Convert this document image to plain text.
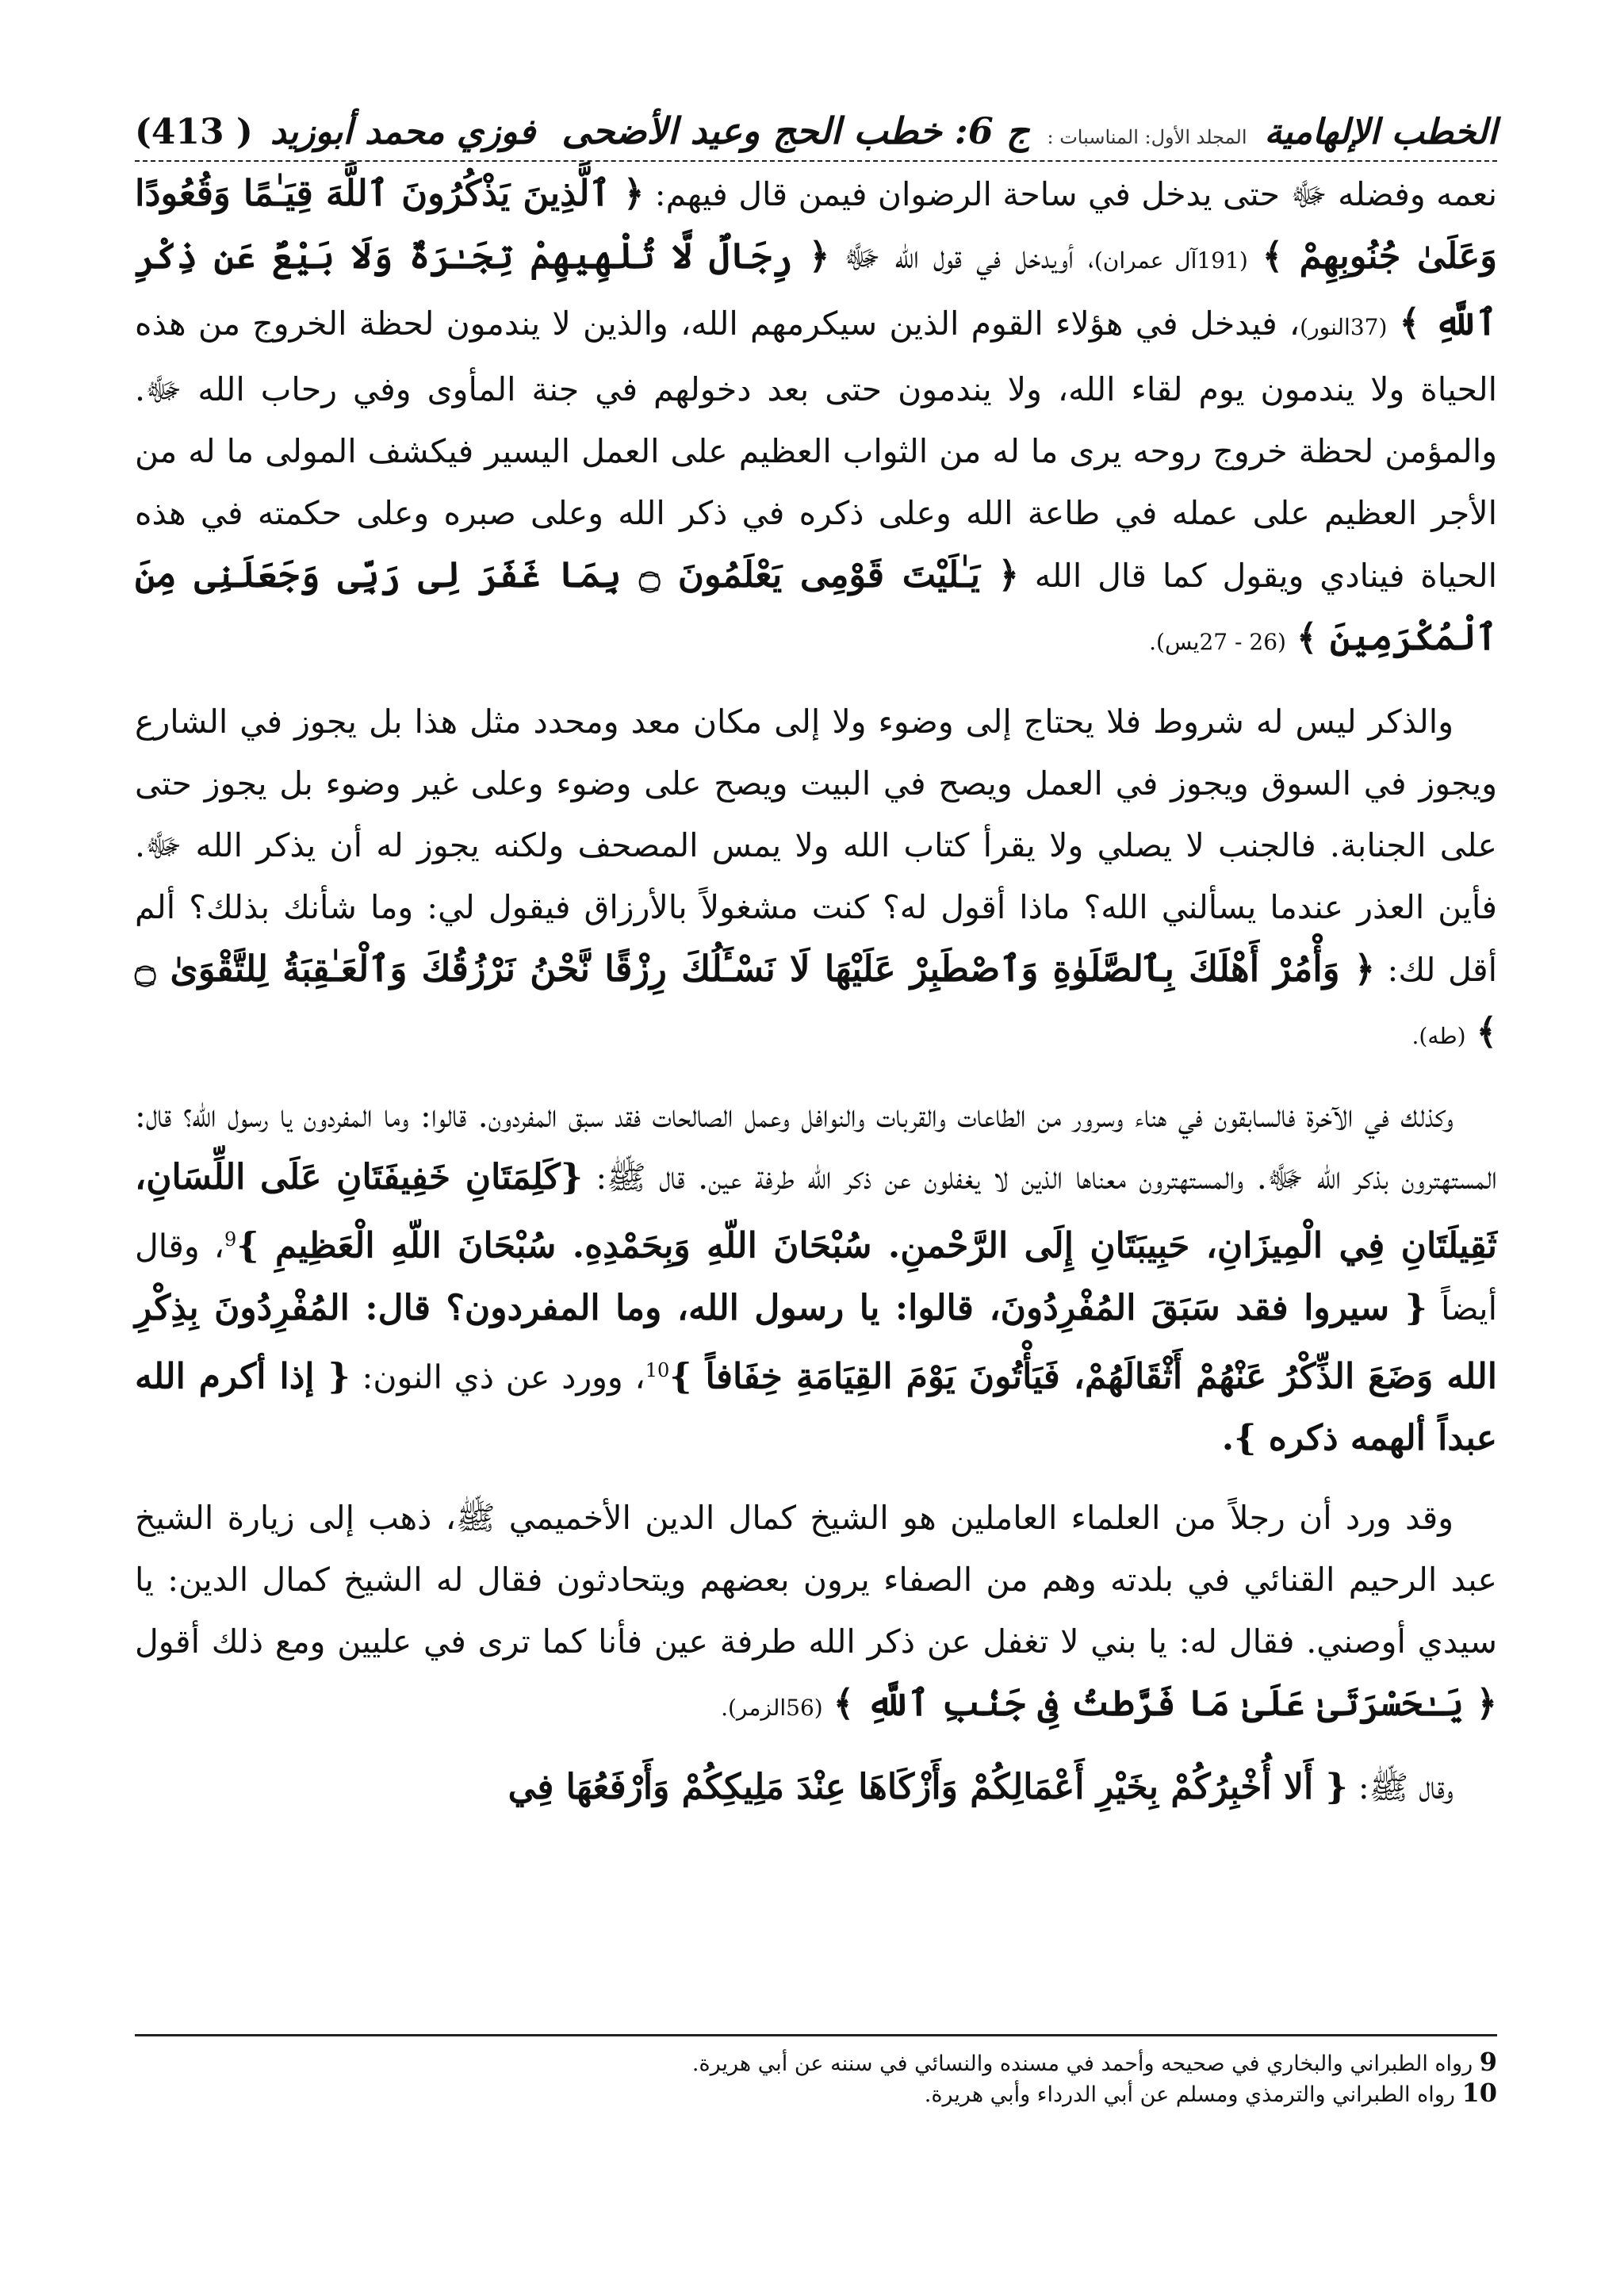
الخطب الإلهامية
المجلد الأول: المناسبات :
ج 6: خطب الحج وعيد الأضحى
فوزي محمد أبوزيد
(413 )

نعمه وفضله ﷻ حتى يدخل في ساحة الرضوان فيمن قال فيهم: ﴿ ٱلَّذِينَ يَذْكُرُونَ ٱللَّهَ قِيَـٰمًا وَقُعُودًا وَعَلَىٰ جُنُوبِهِمْ ﴾ (191آل عمران)، أويدخل في قول الله ﷻ ﴿ رِجَالٌ لَّا تُلْهِيهِمْ تِجَـٰرَةٌ وَلَا بَيْعٌ عَن ذِكْرِ ٱللَّهِ ﴾ (37النور)، فيدخل في هؤلاء القوم الذين سيكرمهم الله، والذين لا يندمون لحظة الخروج من هذه الحياة ولا يندمون يوم لقاء الله، ولا يندمون حتى بعد دخولهم في جنة المأوى وفي رحاب الله ﷻ. والمؤمن لحظة خروج روحه يرى ما له من الثواب العظيم على العمل اليسير فيكشف المولى ما له من الأجر العظيم على عمله في طاعة الله وعلى ذكره في ذكر الله وعلى صبره وعلى حكمته في هذه الحياة فينادي ويقول كما قال الله ﴿ يَـٰلَيْتَ قَوْمِى يَعْلَمُونَ ۝ بِمَا غَفَرَ لِى رَبِّى وَجَعَلَنِى مِنَ ٱلْمُكْرَمِينَ ﴾ (26 - 27يس).

والذكر ليس له شروط فلا يحتاج إلى وضوء ولا إلى مكان معد ومحدد مثل هذا بل يجوز في الشارع ويجوز في السوق ويجوز في العمل ويصح في البيت ويصح على وضوء وعلى غير وضوء بل يجوز حتى على الجنابة. فالجنب لا يصلي ولا يقرأ كتاب الله ولا يمس المصحف ولكنه يجوز له أن يذكر الله ﷻ. فأين العذر عندما يسألني الله؟ ماذا أقول له؟ كنت مشغولاً بالأرزاق فيقول لي: وما شأنك بذلك؟ ألم أقل لك: ﴿ وَأْمُرْ أَهْلَكَ بِٱلصَّلَوٰةِ وَٱصْطَبِرْ عَلَيْهَا لَا نَسْـَٔلُكَ رِزْقًا نَّحْنُ نَرْزُقُكَ وَٱلْعَـٰقِبَةُ لِلتَّقْوَىٰ ۝ ﴾ (طه).

وكذلك في الآخرة فالسابقون في هناء وسرور من الطاعات والقربات والنوافل وعمل الصالحات فقد سبق المفردون. قالوا: وما المفردون يا رسول الله؟ قال: المستهترون بذكر الله ﷻ. والمستهترون معناها الذين لا يغفلون عن ذكر الله طرفة عين. قال ﷺ: {كَلِمَتَانِ خَفِيفَتَانِ عَلَى اللِّسَانِ، ثَقِيلَتَانِ فِي الْمِيزَانِ، حَبِيبَتَانِ إِلَى الرَّحْمنِ. سُبْحَانَ اللّهِ وَبِحَمْدِهِ. سُبْحَانَ اللّهِ الْعَظِيمِ }$^9$، وقال أيضاً { سيروا فقد سَبَقَ المُفْرِدُونَ، قالوا: يا رسول الله، وما المفردون؟ قال: المُفْرِدُونَ بِذِكْرِ الله وَضَعَ الذِّكْرُ عَنْهُمْ أَثْقَالَهُمْ، فَيَأْتُونَ يَوْمَ القِيَامَةِ خِفَافاً }$^{10}$، وورد عن ذي النون: { إذا أكرم الله عبداً ألهمه ذكره }.

وقد ورد أن رجلاً من العلماء العاملين هو الشيخ كمال الدين الأخميمي ﷺ، ذهب إلى زيارة الشيخ عبد الرحيم القنائي في بلدته وهم من الصفاء يرون بعضهم ويتحادثون فقال له الشيخ كمال الدين: يا سيدي أوصني. فقال له: يا بني لا تغفل عن ذكر الله طرفة عين فأنا كما ترى في عليين ومع ذلك أقول ﴿ يَـٰحَسْرَتَىٰ عَلَىٰ مَا فَرَّطتُ فِى جَنۢبِ ٱللَّهِ ﴾ (56الزمر).

وقال ﷺ: { أَلا أُخْبِرُكُمْ بِخَيْرِ أَعْمَالِكُمْ وَأَزْكَاهَا عِنْدَ مَلِيكِكُمْ وَأَرْفَعُهَا فِي

9 رواه الطبراني والبخاري في صحيحه وأحمد في مسنده والنسائي في سننه عن أبي هريرة.
10 رواه الطبراني والترمذي ومسلم عن أبي الدرداء وأبي هريرة.
